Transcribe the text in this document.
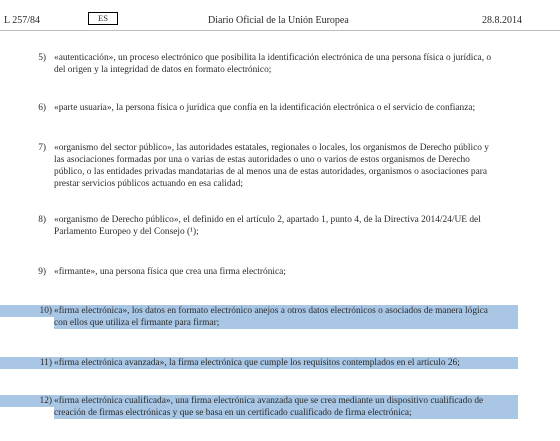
L 257/84	ES	Diario Oficial de la Unión Europea	28.8.2014
5) «autenticación», un proceso electrónico que posibilita la identificación electrónica de una persona física o jurídica, o
del origen y la integridad de datos en formato electrónico;
6) «parte usuaria», la persona física o jurídica que confía en la identificación electrónica o el servicio de confianza;
7) «organismo del sector público», las autoridades estatales, regionales o locales, los organismos de Derecho público y
las asociaciones formadas por una o varias de estas autoridades o uno o varios de estos organismos de Derecho
público, o las entidades privadas mandatarias de al menos una de estas autoridades, organismos o asociaciones para
prestar servicios públicos actuando en esa calidad;
8) «organismo de Derecho público», el definido en el artículo 2, apartado 1, punto 4, de la Directiva 2014/24/UE del
Parlamento Europeo y del Consejo (¹);
9) «firmante», una persona física que crea una firma electrónica;
10) «firma electrónica», los datos en formato electrónico anejos a otros datos electrónicos o asociados de manera lógica
con ellos que utiliza el firmante para firmar;
11) «firma electrónica avanzada», la firma electrónica que cumple los requisitos contemplados en el artículo 26;
12) «firma electrónica cualificada», una firma electrónica avanzada que se crea mediante un dispositivo cualificado de
creación de firmas electrónicas y que se basa en un certificado cualificado de firma electrónica;
